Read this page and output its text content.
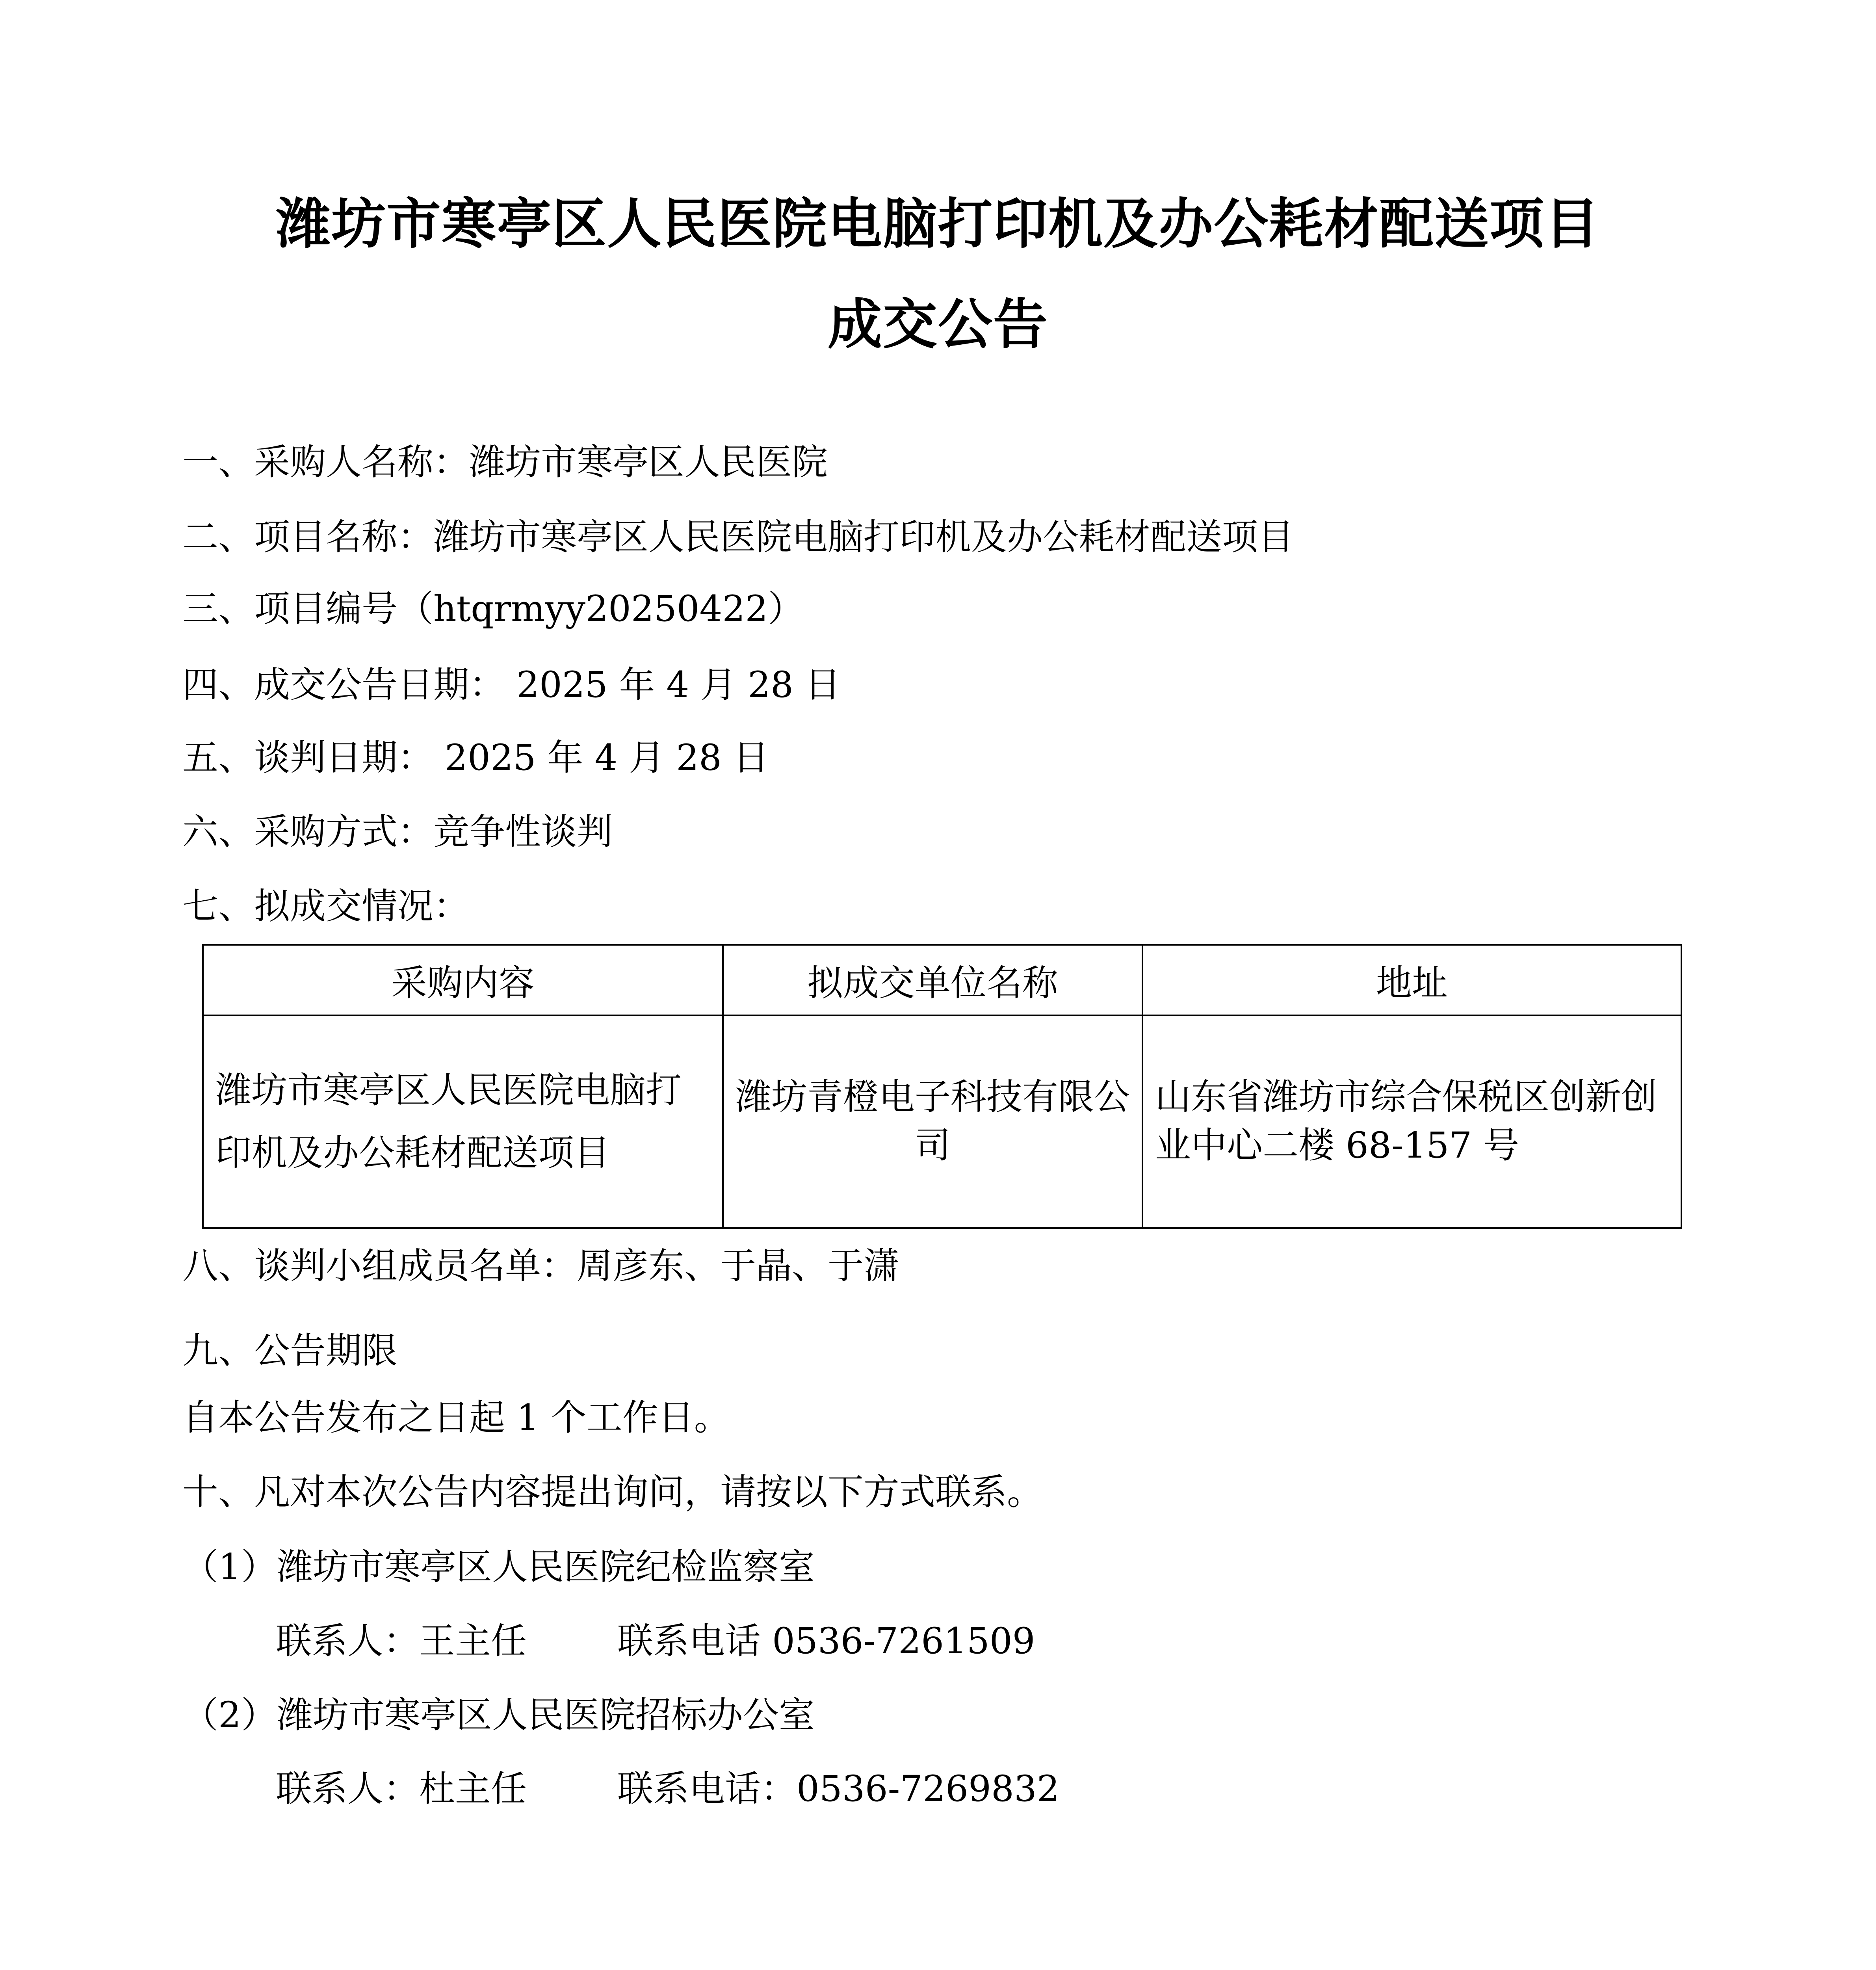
潍坊市寒亭区人民医院电脑打印机及办公耗材配送项目
成交公告
一、采购人名称：潍坊市寒亭区人民医院
二、项目名称：潍坊市寒亭区人民医院电脑打印机及办公耗材配送项目
三、项目编号（htqrmyy20250422）
四、成交公告日期： 2025 年 4 月 28 日
五、谈判日期： 2025 年 4 月 28 日
六、采购方式：竞争性谈判
七、拟成交情况：
采购内容	拟成交单位名称	地址
潍坊市寒亭区人民医院电脑打印机及办公耗材配送项目	潍坊青橙电子科技有限公司	山东省潍坊市综合保税区创新创业中心二楼 68-157 号
八、谈判小组成员名单：周彦东、于晶、于潇
九、公告期限
自本公告发布之日起 1 个工作日。
十、凡对本次公告内容提出询问，请按以下方式联系。
（1）潍坊市寒亭区人民医院纪检监察室
联系人：王主任	联系电话 0536-7261509
（2）潍坊市寒亭区人民医院招标办公室
联系人：杜主任	联系电话：0536-7269832
